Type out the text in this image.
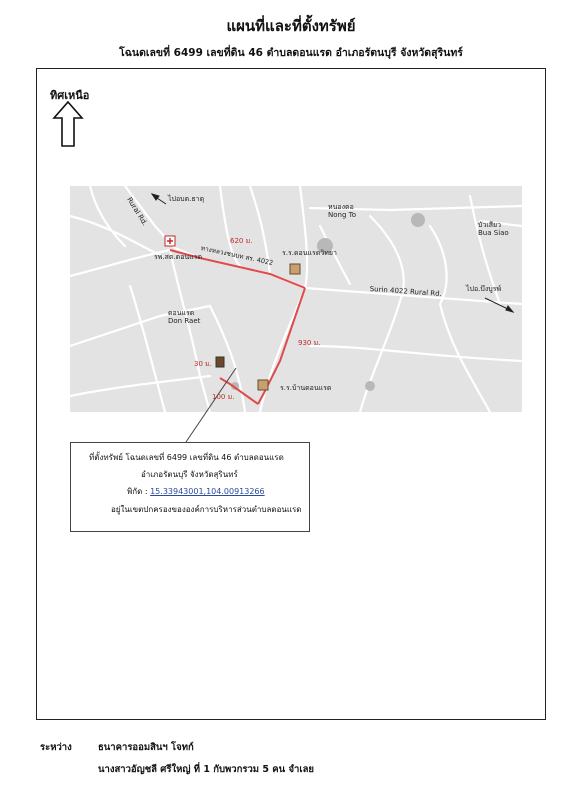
แผนที่และที่ตั้งทรัพย์
โฉนดเลขที่ 6499 เลขที่ดิน 46 ตำบลดอนแรด อำเภอรัตนบุรี จังหวัดสุรินทร์
ทิศเหนือ
Rural Rd.	ไปอบต.ธาตุ
หนองตอ
Nong To
บัวเสียว
Bua Siao
620 ม.
ทางหลวงชนบท สร. 4022 ร.ร.ดอนแรดวิทยา
รพ.สต.ดอนแรด
Surin 4022 Rural Rd.	ไปอ.บึงบูรพ์
ดอนแรด
Don Raet
930 ม.
30 ม.
ร.ร.บ้านดอนแรด
100 ม.
ที่ตั้งทรัพย์ โฉนดเลขที่ 6499 เลขที่ดิน 46 ตำบลดอนแรด
อำเภอรัตนบุรี จังหวัดสุรินทร์
พิกัด : 15.33943001,104.00913266
อยู่ในเขตปกครองขององค์การบริหารส่วนตำบลดอนแรด
ระหว่าง	ธนาคารออมสินฯ โจทก์
นางสาวอัญชลี ศรีใหญ่ ที่ 1 กับพวกรวม 5 คน จำเลย
